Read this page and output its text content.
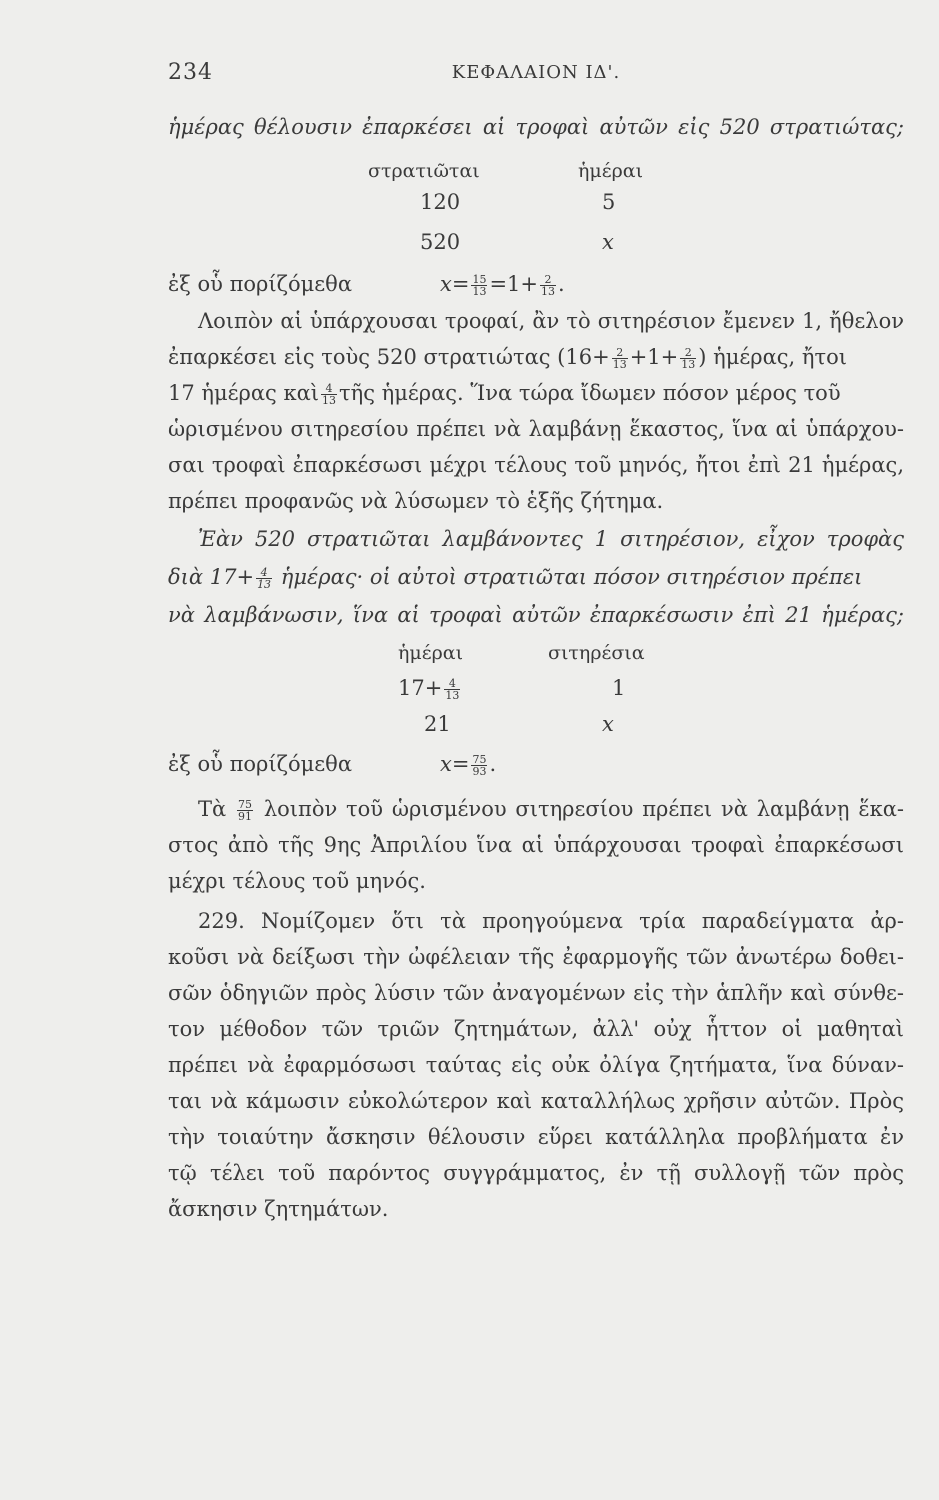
234	ΚΕΦΑΛΑΙΟΝ ΙΔ'.
ἡμέρας θέλουσιν ἐπαρκέσει αἱ τροφαὶ αὐτῶν εἰς 520 στρατιώτας;
στρατιῶται	ἡμέραι
120	5
520	x
ἐξ οὗ πορίζόμεθα	$x= \frac{15}{13} =1+ \frac{2}{13}$ .
Λοιπὸν αἱ ὑπάρχουσαι τροφαί, ἂν τὸ σιτηρέσιον ἔμενεν 1, ἤθελον
ἐπαρκέσει εἰς τοὺς 520 στρατιώτας ($16+ \frac{2}{13} +1+ \frac{2}{13}$ ) ἡμέρας, ἤτοι
17 ἡμέρας καὶ $\frac{4}{13}$ τῆς ἡμέρας. Ἵνα τώρα ἴδωμεν πόσον μέρος τοῦ
ὡρισμένου σιτηρεσίου πρέπει νὰ λαμβάνῃ ἕκαστος, ἵνα αἱ ὑπάρχου-
σαι τροφαὶ ἐπαρκέσωσι μέχρι τέλους τοῦ μηνός, ἤτοι ἐπὶ 21 ἡμέρας,
πρέπει προφανῶς νὰ λύσωμεν τὸ ἑξῆς ζήτημα.
Ἐὰν 520 στρατιῶται λαμβάνοντες 1 σιτηρέσιον, εἶχον τροφὰς
διὰ $17+ \frac{4}{13}$ ἡμέρας· οἱ αὐτοὶ στρατιῶται πόσον σιτηρέσιον πρέπει
νὰ λαμβάνωσιν, ἵνα αἱ τροφαὶ αὐτῶν ἐπαρκέσωσιν ἐπὶ 21 ἡμέρας;
ἡμέραι	σιτηρέσια
$17+ \frac{4}{13}$	1
21	x
ἐξ οὗ πορίζόμεθα	$x= \frac{75}{93}$ .
Τὰ $\frac{75}{91}$ λοιπὸν τοῦ ὡρισμένου σιτηρεσίου πρέπει νὰ λαμβάνῃ ἕκα-
στος ἀπὸ τῆς 9ης Ἀπριλίου ἵνα αἱ ὑπάρχουσαι τροφαὶ ἐπαρκέσωσι
μέχρι τέλους τοῦ μηνός.
229. Νομίζομεν ὅτι τὰ προηγούμενα τρία παραδείγματα ἀρ-
κοῦσι νὰ δείξωσι τὴν ὠφέλειαν τῆς ἐφαρμογῆς τῶν ἀνωτέρω δοθει-
σῶν ὁδηγιῶν πρὸς λύσιν τῶν ἀναγομένων εἰς τὴν ἁπλῆν καὶ σύνθε-
τον μέθοδον τῶν τριῶν ζητημάτων, ἀλλ' οὐχ ἧττον οἱ μαθηταὶ
πρέπει νὰ ἐφαρμόσωσι ταύτας εἰς οὐκ ὀλίγα ζητήματα, ἵνα δύναν-
ται νὰ κάμωσιν εὐκολώτερον καὶ καταλλήλως χρῆσιν αὐτῶν. Πρὸς
τὴν τοιαύτην ἄσκησιν θέλουσιν εὕρει κατάλληλα προβλήματα ἐν
τῷ τέλει τοῦ παρόντος συγγράμματος, ἐν τῇ συλλογῇ τῶν πρὸς
ἄσκησιν ζητημάτων.
